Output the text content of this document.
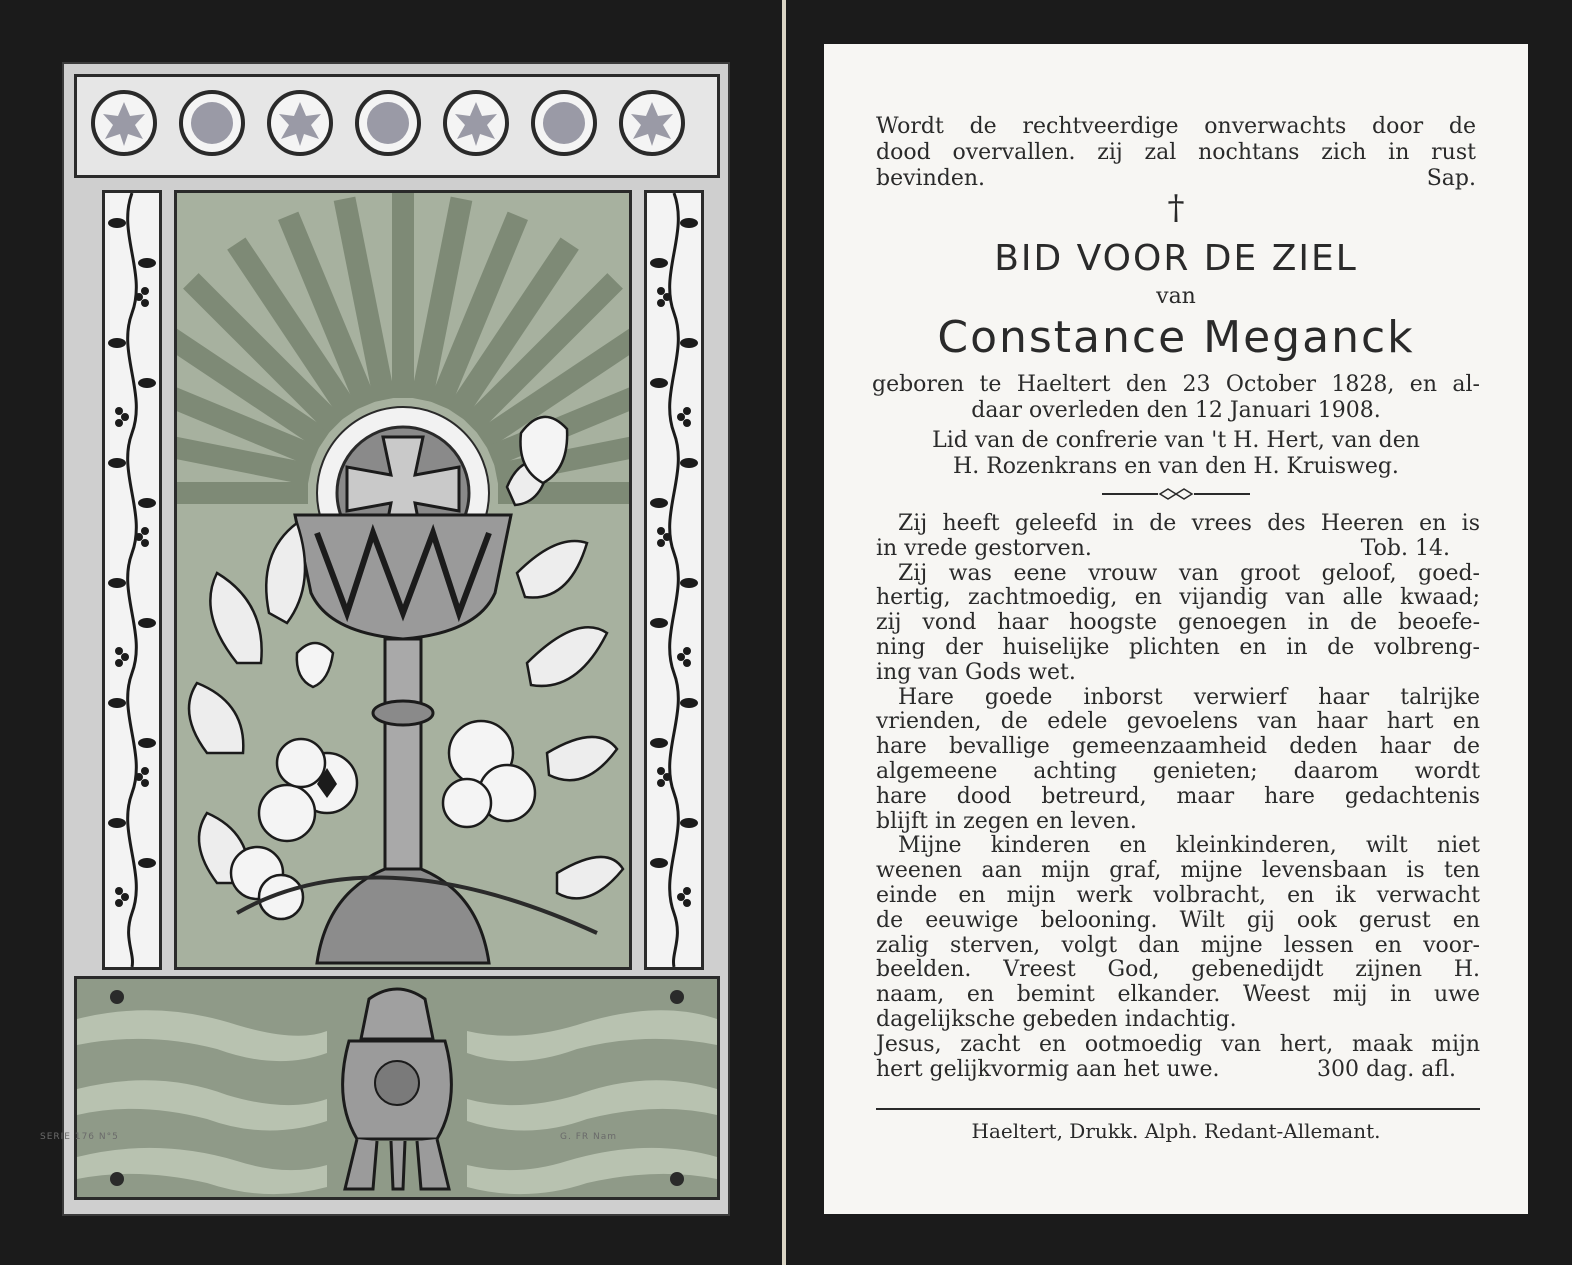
SERIE 176 N°5	G. FR Nam
Wordt de rechtveerdige onverwachts door de
dood overvallen. zij zal nochtans zich in rust
bevinden.	Sap.
†
BID VOOR DE ZIEL
van
Constance Meganck
geboren te Haeltert den 23 October 1828, en al-
daar overleden den 12 Januari 1908.
Lid van de confrerie van 't H. Hert, van den
H. Rozenkrans en van den H. Kruisweg.
Zij heeft geleefd in de vrees des Heeren en is
in vrede gestorven.	Tob. 14.
Zij was eene vrouw van groot geloof, goed-
hertig, zachtmoedig, en vijandig van alle kwaad;
zij vond haar hoogste genoegen in de beoefe-
ning der huiselijke plichten en in de volbreng-
ing van Gods wet.
Hare goede inborst verwierf haar talrijke
vrienden, de edele gevoelens van haar hart en
hare bevallige gemeenzaamheid deden haar de
algemeene achting genieten; daarom wordt
hare dood betreurd, maar hare gedachtenis
blijft in zegen en leven.
Mijne kinderen en kleinkinderen, wilt niet
weenen aan mijn graf, mijne levensbaan is ten
einde en mijn werk volbracht, en ik verwacht
de eeuwige belooning. Wilt gij ook gerust en
zalig sterven, volgt dan mijne lessen en voor-
beelden. Vreest God, gebenedijdt zijnen H.
naam, en bemint elkander. Weest mij in uwe
dagelijksche gebeden indachtig.
Jesus, zacht en ootmoedig van hert, maak mijn
hert gelijkvormig aan het uwe.	300 dag. afl.
Haeltert, Drukk. Alph. Redant-Allemant.
